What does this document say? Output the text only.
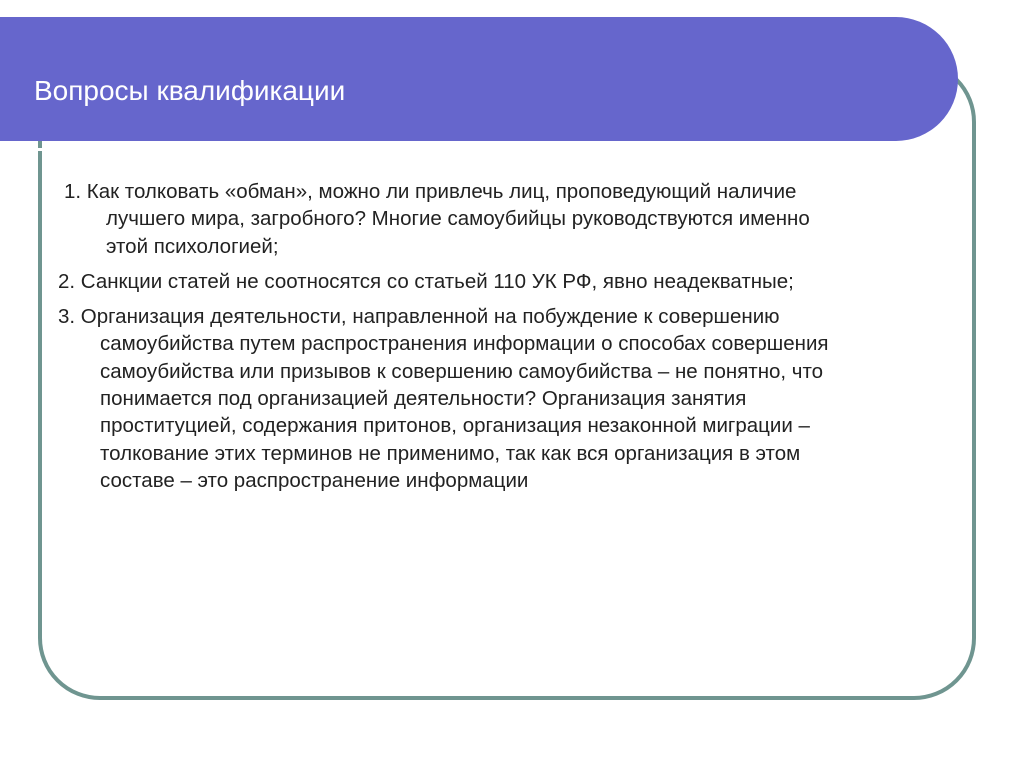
Вопросы квалификации

1. Как толковать «обман», можно ли привлечь лиц, проповедующий наличие лучшего мира, загробного? Многие самоубийцы руководствуются именно этой психологией;

2. Санкции статей не соотносятся со статьей 110 УК РФ, явно неадекватные;

3. Организация деятельности, направленной на побуждение к совершению самоубийства путем распространения информации о способах совершения самоубийства или призывов к совершению самоубийства – не понятно, что понимается под организацией деятельности? Организация занятия проституцией, содержания притонов, организация незаконной миграции – толкование этих терминов не применимо, так как вся организация в этом составе – это распространение информации
